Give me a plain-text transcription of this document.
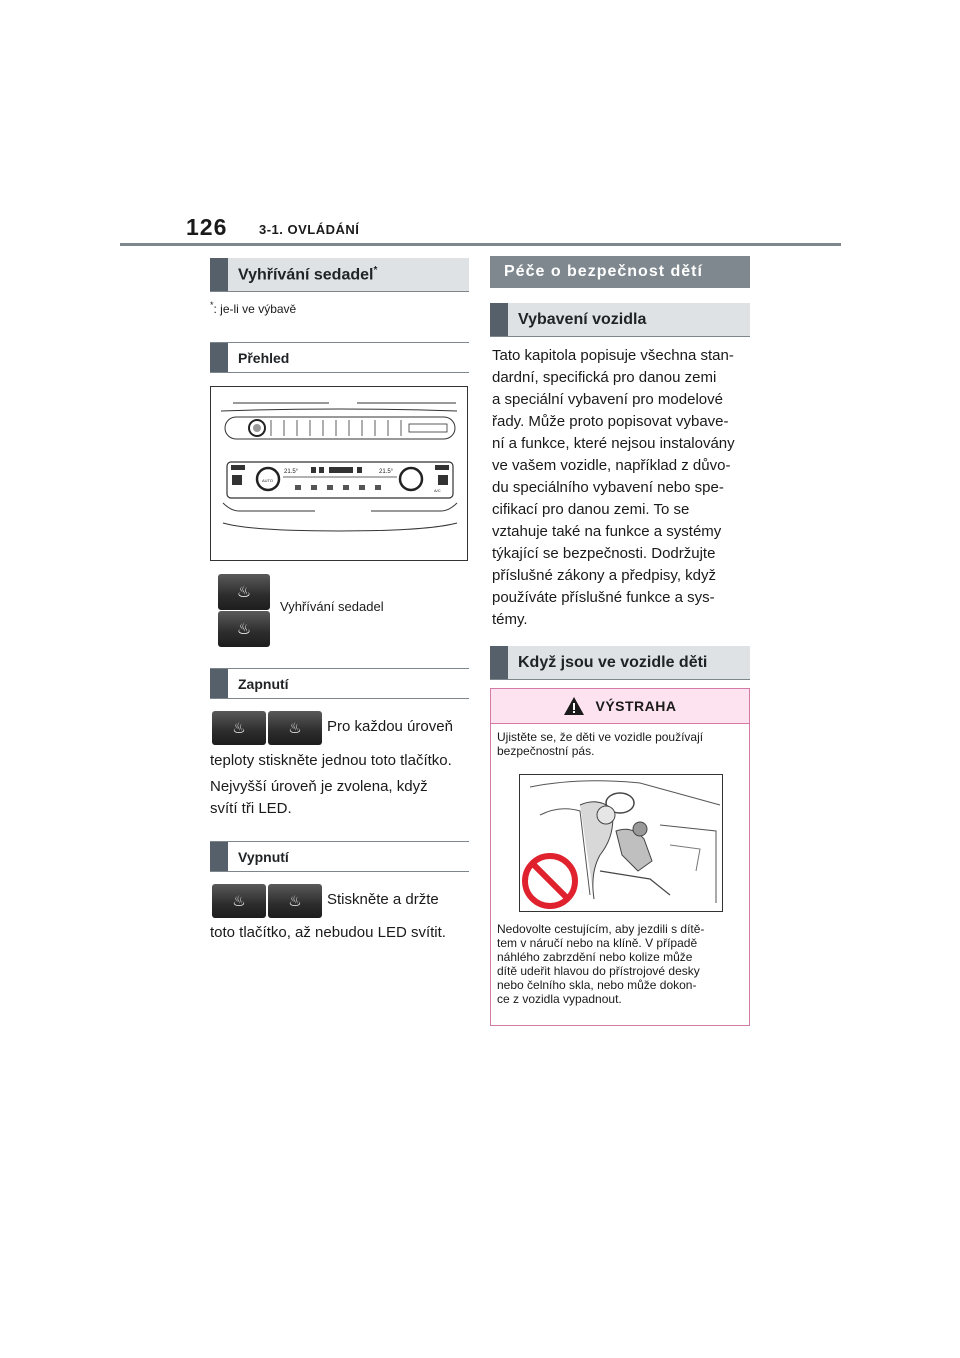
126 3-1. OVLÁDÁNÍ
Vyhřívání sedadel*
*: je-li ve výbavě
Přehled
AUTO
21.5°	21.5°
A/C
♨
♨
Vyhřívání sedadel
Zapnutí
♨	♨ Pro každou úroveň
teploty stiskněte jednou toto tlačítko.
Nejvyšší úroveň je zvolena, když
svítí tři LED.
Vypnutí
♨	♨ Stiskněte a držte
toto tlačítko, až nebudou LED svítit.
Péče o bezpečnost dětí
Vybavení vozidla
Tato kapitola popisuje všechna stan-
dardní, specifická pro danou zemi
a speciální vybavení pro modelové
řady. Může proto popisovat vybave-
ní a funkce, které nejsou instalovány
ve vašem vozidle, například z důvo-
du speciálního vybavení nebo spe-
cifikací pro danou zemi. To se
vztahuje také na funkce a systémy
týkající se bezpečnosti. Dodržujte
příslušné zákony a předpisy, když
používáte příslušné funkce a sys-
témy.
Když jsou ve vozidle děti
VÝSTRAHA
Ujistěte se, že děti ve vozidle používají
bezpečnostní pás.
Nedovolte cestujícím, aby jezdili s dítě-
tem v náručí nebo na klíně. V případě
náhlého zabrzdění nebo kolize může
dítě udeřit hlavou do přístrojové desky
nebo čelního skla, nebo může dokon-
ce z vozidla vypadnout.
